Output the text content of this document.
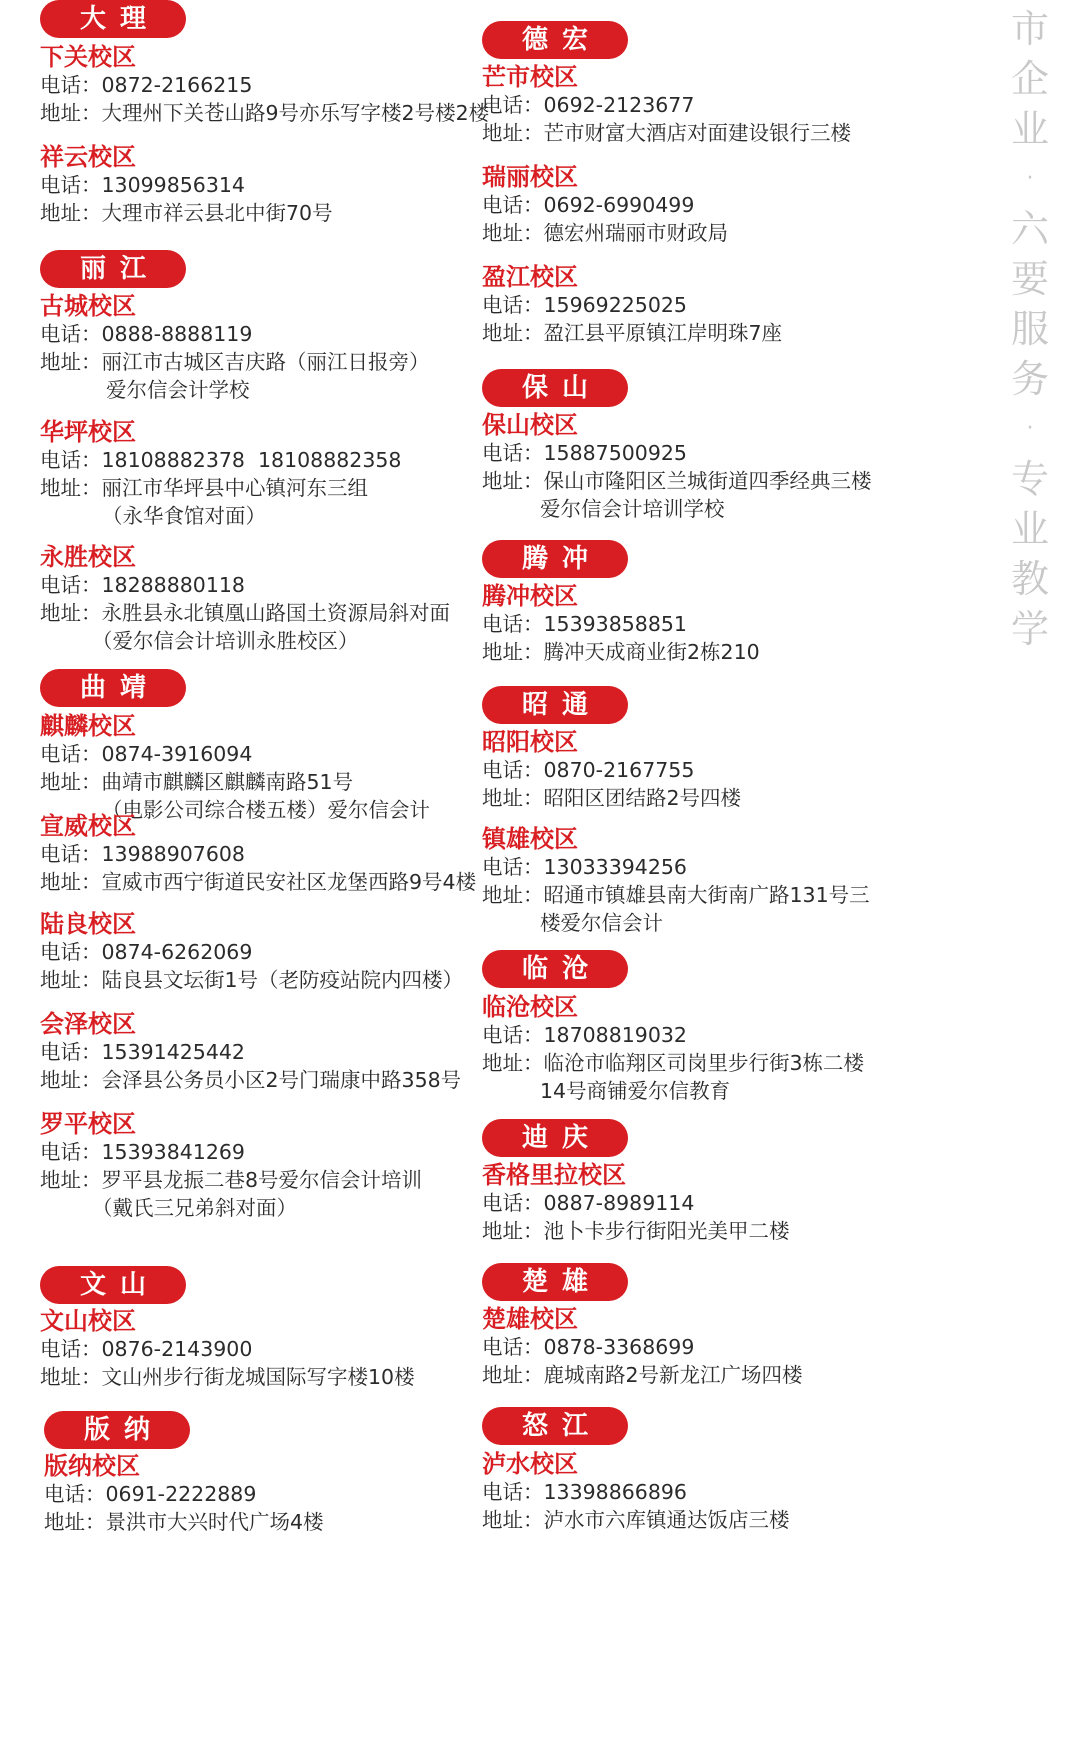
大理
下关校区
电话：0872-2166215
地址：大理州下关苍山路9号亦乐写字楼2号楼2楼
祥云校区
电话：13099856314
地址：大理市祥云县北中街70号
丽江
古城校区
电话：0888-8888119
地址：丽江市古城区吉庆路（丽江日报旁）
爱尔信会计学校
华坪校区
电话：18108882378  18108882358
地址：丽江市华坪县中心镇河东三组
（永华食馆对面）
永胜校区
电话：18288880118
地址：永胜县永北镇凰山路国土资源局斜对面
（爱尔信会计培训永胜校区）
曲靖
麒麟校区
电话：0874-3916094
地址：曲靖市麒麟区麒麟南路51号
（电影公司综合楼五楼）爱尔信会计
宣威校区
电话：13988907608
地址：宣威市西宁街道民安社区龙堡西路9号4楼
陆良校区
电话：0874-6262069
地址：陆良县文坛街1号（老防疫站院内四楼）
会泽校区
电话：15391425442
地址：会泽县公务员小区2号门瑞康中路358号
罗平校区
电话：15393841269
地址：罗平县龙振二巷8号爱尔信会计培训
（戴氏三兄弟斜对面）
文山
文山校区
电话：0876-2143900
地址：文山州步行街龙城国际写字楼10楼
版纳
版纳校区
电话：0691-2222889
地址：景洪市大兴时代广场4楼
德宏
芒市校区
电话：0692-2123677
地址：芒市财富大酒店对面建设银行三楼
瑞丽校区
电话：0692-6990499
地址：德宏州瑞丽市财政局
盈江校区
电话：15969225025
地址：盈江县平原镇江岸明珠7座
保山
保山校区
电话：15887500925
地址：保山市隆阳区兰城街道四季经典三楼
爱尔信会计培训学校
腾冲
腾冲校区
电话：15393858851
地址：腾冲天成商业街2栋210
昭通
昭阳校区
电话：0870-2167755
地址：昭阳区团结路2号四楼
镇雄校区
电话：13033394256
地址：昭通市镇雄县南大街南广路131号三
楼爱尔信会计
临沧
临沧校区
电话：18708819032
地址：临沧市临翔区司岗里步行街3栋二楼
14号商铺爱尔信教育
迪庆
香格里拉校区
电话：0887-8989114
地址：池卜卡步行街阳光美甲二楼
楚雄
楚雄校区
电话：0878-3368699
地址：鹿城南路2号新龙江广场四楼
怒江
泸水校区
电话：13398866896
地址：泸水市六库镇通达饭店三楼
市
企
业
·
六
要
服
务
·
专
业
教
学
